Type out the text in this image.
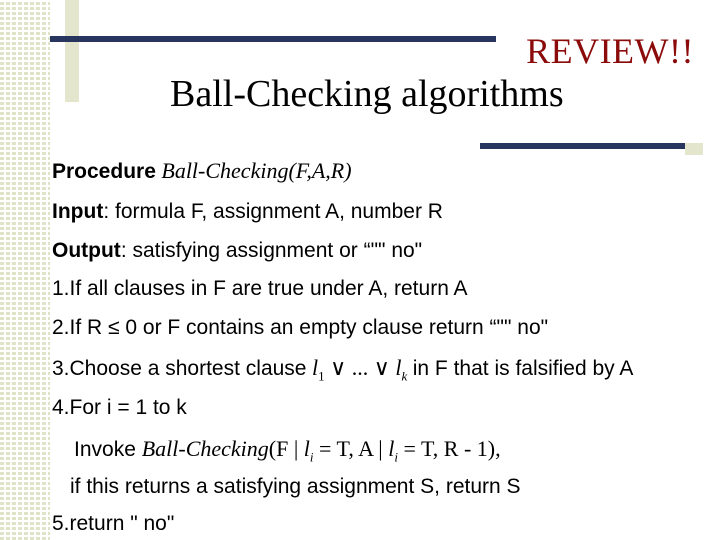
REVIEW!!
Ball-Checking algorithms
Procedure Ball-Checking(F,A,R)
Input: formula F, assignment A, number R
Output: satisfying assignment or “"" no"
1.If all clauses in F are true under A, return A
2.If R ≤ 0 or F contains an empty clause return “"" no"
3.Choose a shortest clause $l_1$ ∨ ... ∨ $l_k$ in F that is falsified by A
4.For i = 1 to k
Invoke Ball-Checking(F | $l_i = T$, A | $l_i = T$, R - 1),
if this returns a satisfying assignment S, return S
5.return " no"
